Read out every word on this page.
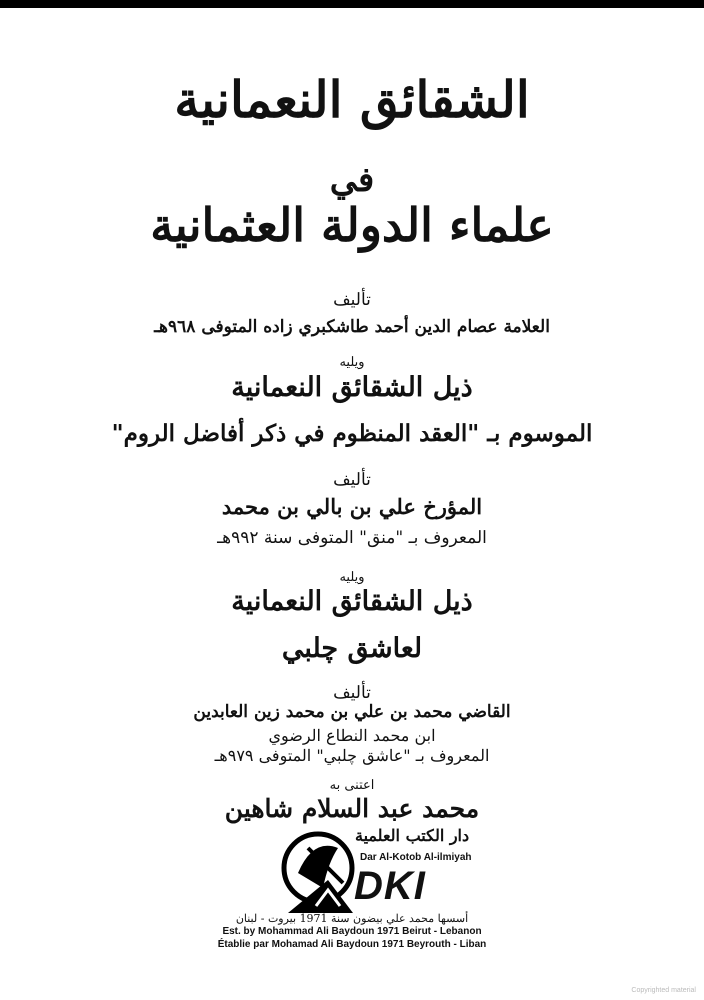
الشقائق النعمانية
في
علماء الدولة العثمانية
تأليف
العلامة عصام الدين أحمد طاشكبري زاده المتوفى ٩٦٨هـ
ويليه
ذيل الشقائق النعمانية
الموسوم بـ "العقد المنظوم في ذكر أفاضل الروم"
تأليف
المؤرخ علي بن بالي بن محمد
المعروف بـ "منق" المتوفى سنة ٩٩٢هـ
ويليه
ذيل الشقائق النعمانية
لعاشق چلبي
تأليف
القاضي محمد بن علي بن محمد زين العابدين
ابن محمد النطاع الرضوي
المعروف بـ "عاشق چلبي" المتوفى ٩٧٩هـ
اعتنى به
محمد عبد السلام شاهين
دار الكتب العلمية
Dar Al-Kotob Al-ilmiyah
DKI
أسسها محمد علي بيضون سنة 1971 بيروت - لبنان
Est. by Mohammad Ali Baydoun 1971 Beirut - Lebanon
Établie par Mohamad Ali Baydoun 1971 Beyrouth - Liban
Copyrighted material
